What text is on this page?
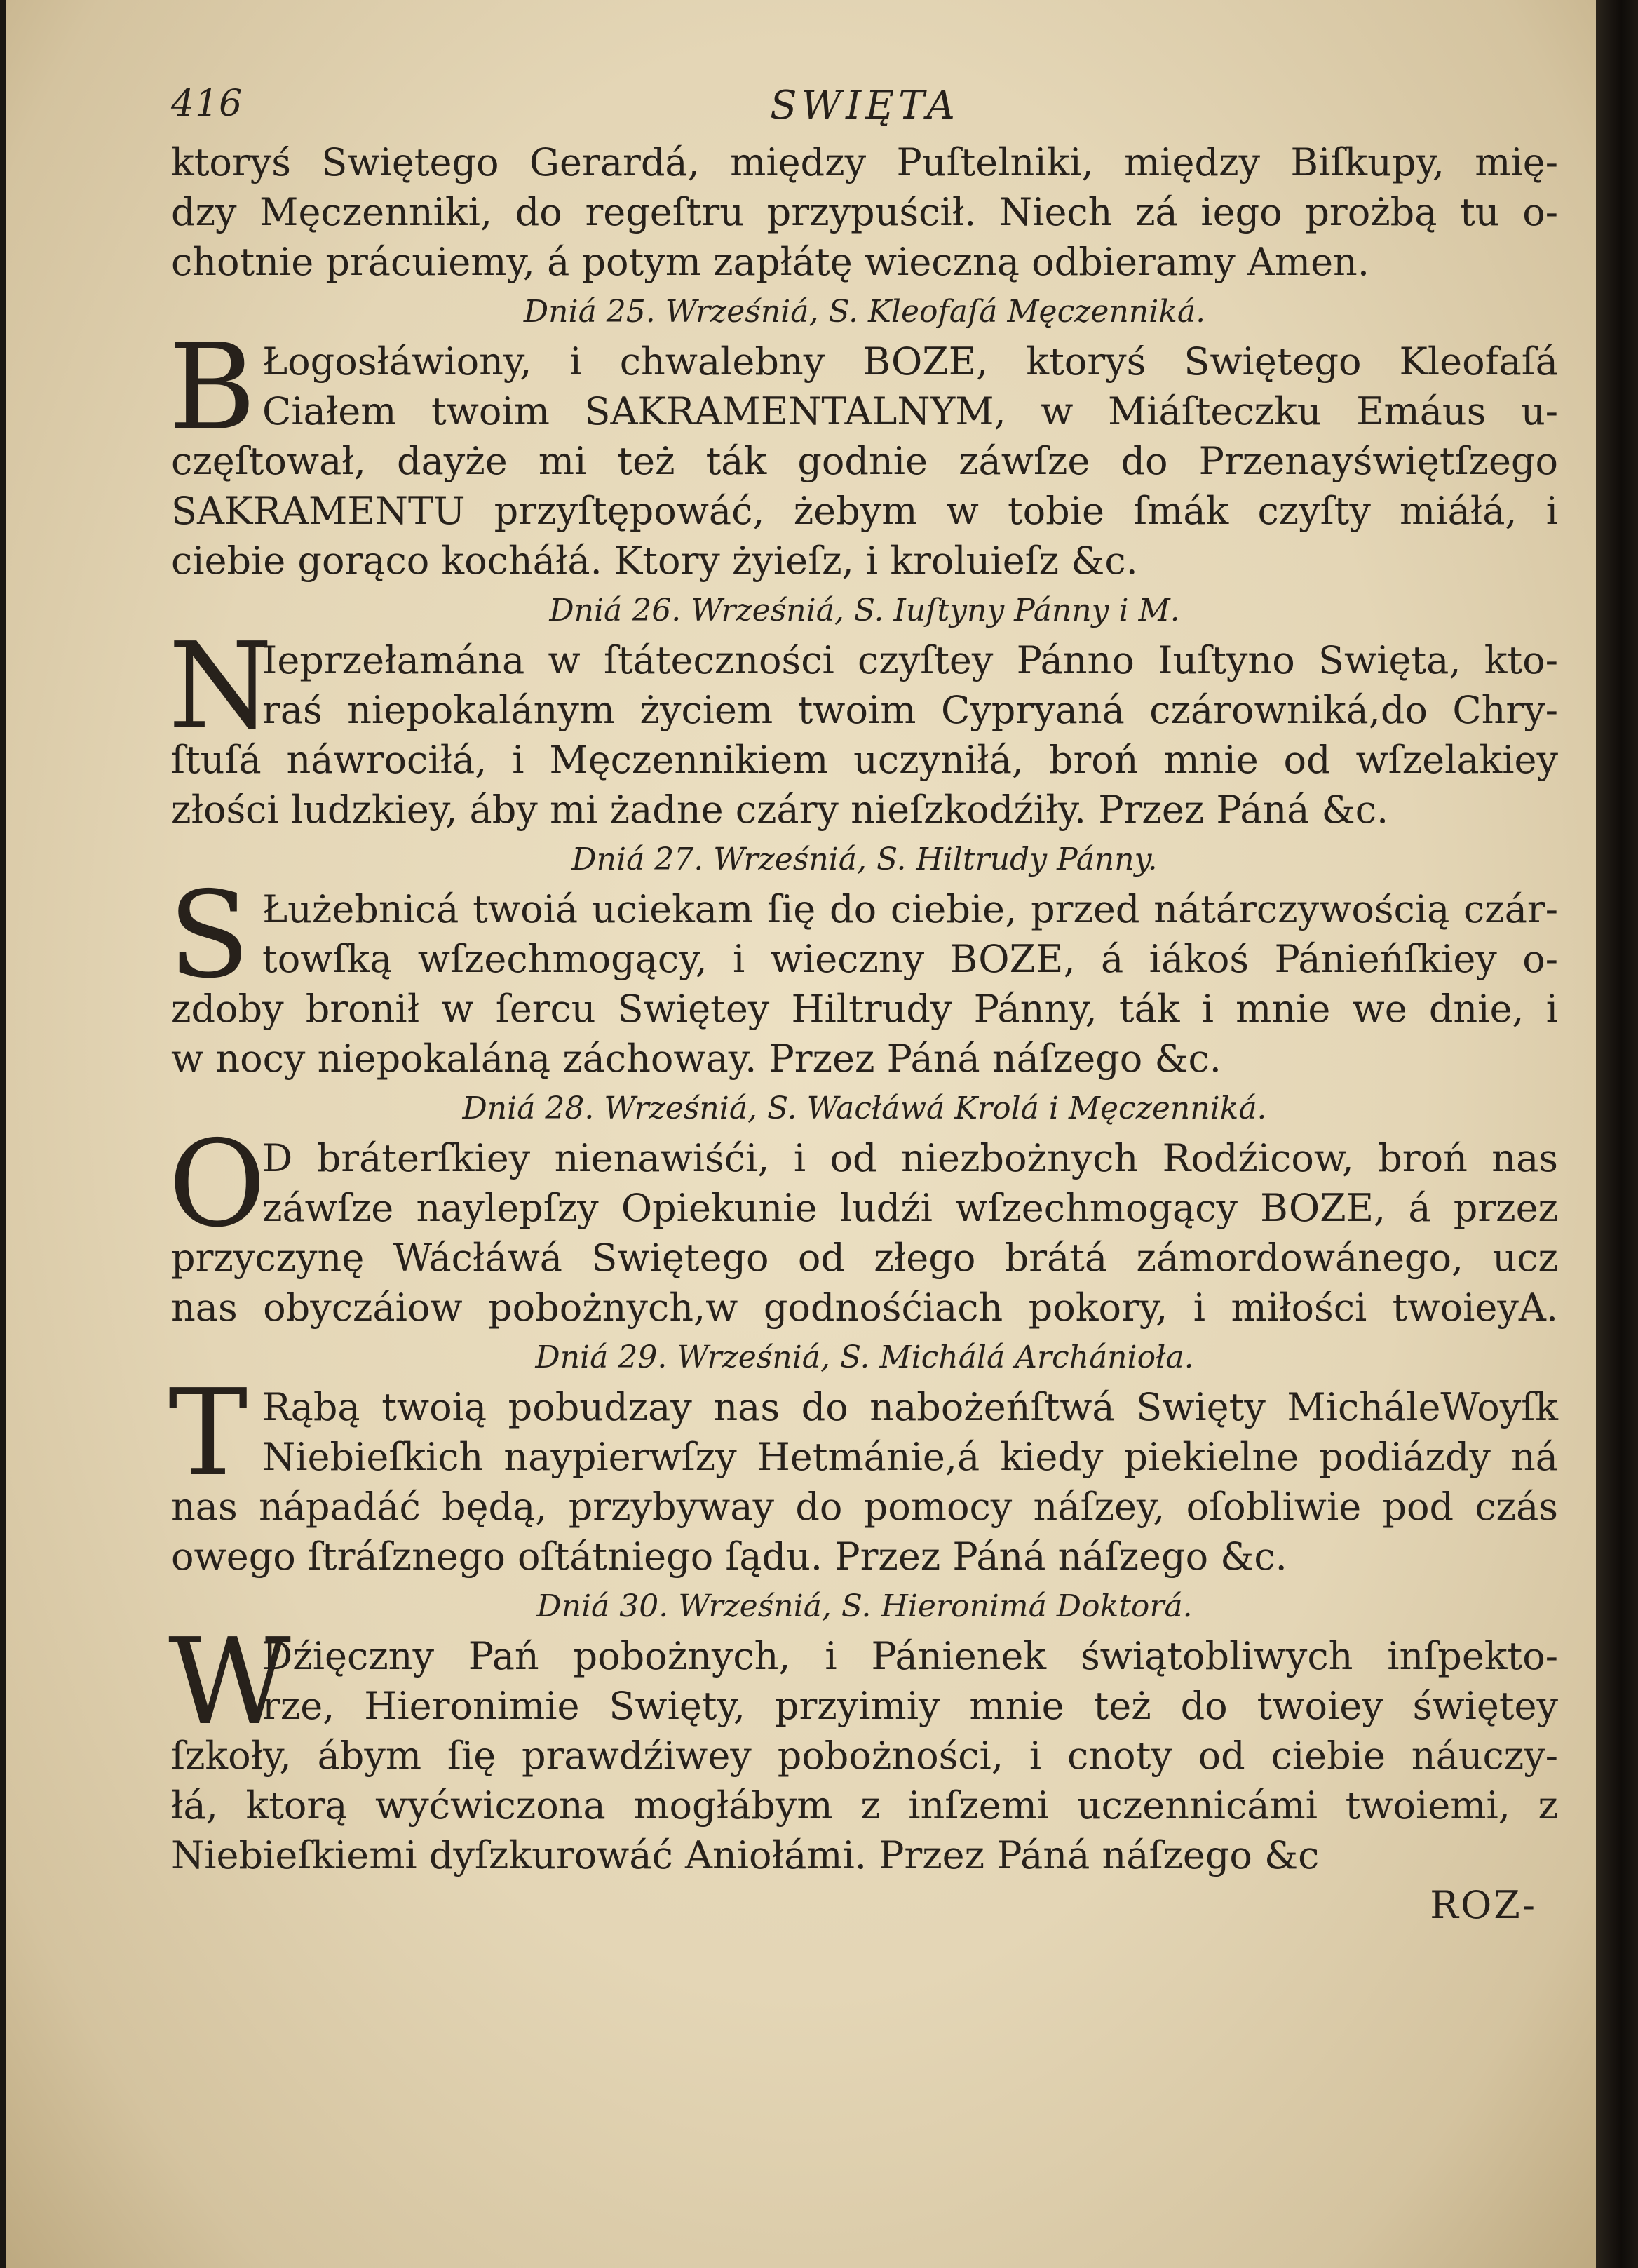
416	SWIĘTA
ktoryś Swiętego Gerardá, między Puſtelniki, między Biſkupy, mię-
dzy Męczenniki, do regeſtru przypuścił. Niech zá iego prożbą tu o-
chotnie prácuiemy, á potym zapłátę wieczną odbieramy Amen.
Dniá 25. Wrześniá, S. Kleofaſá Męczenniká.
B Łogosłáwiony, i chwalebny BOZE, ktoryś Swiętego Kleofaſá
Ciałem twoim SAKRAMENTALNYM, w Miáſteczku Emáus u-
częſtował, dayże mi też ták godnie záwſze do Przenayświętſzego
SAKRAMENTU przyſtępowáć, żebym w tobie ſmák czyſty miáłá, i
ciebie gorąco kocháłá. Ktory żyieſz, i kroluieſz &c.
Dniá 26. Wrześniá, S. Iuſtyny Pánny i M.
N
Ieprzełamána w ſtáteczności czyſtey Pánno Iuſtyno Swięta, kto-
raś niepokalánym życiem twoim Cypryaná czárowniká,do Chry-
ſtuſá náwrociłá, i Męczennikiem uczyniłá, broń mnie od wſzelakiey
złości ludzkiey, áby mi żadne czáry nieſzkodźiły. Przez Páná &c.
Dniá 27. Wrześniá, S. Hiltrudy Pánny.
S Łużebnicá twoiá uciekam ſię do ciebie, przed nátárczywością czár-
towſką wſzechmogący, i wieczny BOZE, á iákoś Pánieńſkiey o-
zdoby bronił w ſercu Swiętey Hiltrudy Pánny, ták i mnie we dnie, i
w nocy niepokaláną záchoway. Przez Páná náſzego &c.
Dniá 28. Wrześniá, S. Wacłáwá Krolá i Męczenniká.
O
D bráterſkiey nienawiśći, i od niezbożnych Rodźicow, broń nas
záwſze naylepſzy Opiekunie ludźi wſzechmogący BOZE, á przez
przyczynę Wácłáwá Swiętego od złego brátá zámordowánego, ucz
nas obyczáiow pobożnych,w godnośćiach pokory, i miłości twoieyA.
Dniá 29. Wrześniá, S. Michálá Archánioła.
T Rąbą twoią pobudzay nas do nabożeńſtwá Swięty MichálеWoyſk
Niebieſkich naypierwſzy Hetmánie,á kiedy piekielne podiázdy ná
nas nápadáć będą, przybyway do pomocy náſzey, oſobliwie pod czás
owego ſtráſznego oſtátniego ſądu. Przez Páná náſzego &c.
Dniá 30. Wrześniá, S. Hieronimá Doktorá.
W
Dźięczny Pań pobożnych, i Pánienek świątobliwych inſpekto-
rze, Hieronimie Swięty, przyimiy mnie też do twoiey świętey
ſzkoły, ábym ſię prawdźiwey pobożności, i cnoty od ciebie náuczy-
łá, ktorą wyćwiczona mogłábym z inſzemi uczennicámi twoiemi, z
Niebieſkiemi dyſzkurowáć Aniołámi. Przez Páná náſzego &c
ROZ-
